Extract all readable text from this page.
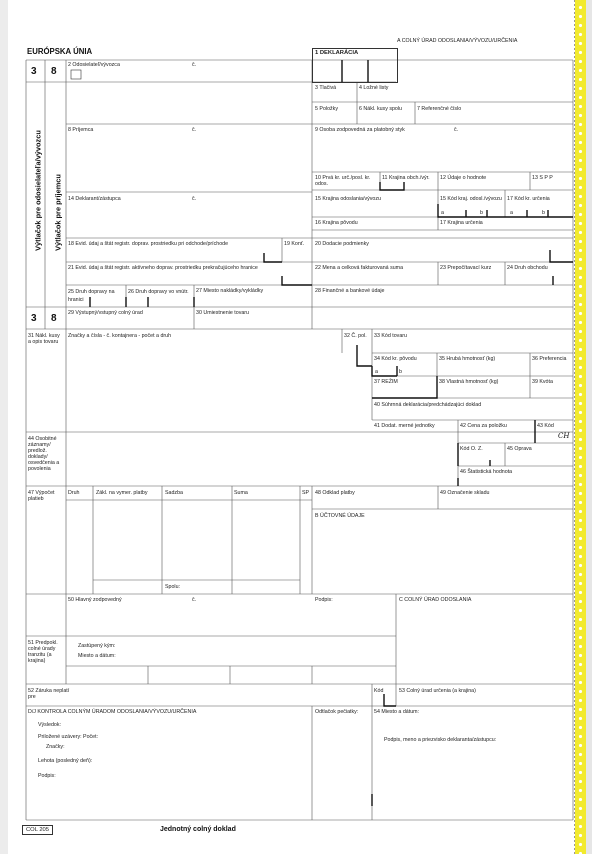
A COLNÝ ÚRAD ODOSLANIA/VÝVOZU/URČENIA
EURÓPSKA ÚNIA	1 DEKLARÁCIA
3 8
Výtlačok pre odosielateľa/vývozcu Výtlačok pre príjemcu
3 8
2 Odosielateľ/vývozca	č.
3 Tlačivá	4 Ložné listy
5 Položky	6 Nákl. kusy spolu	7 Referenčné číslo
8 Príjemca	č.	9 Osoba zodpovedná za platobný styk	č.
10 Prvá kr. urč./posl. kr. odos.
11 Krajina obch./výr. 12 Údaje o hodnote	13 S P P
14 Deklarant/zástupca	č.	15 Krajina odoslania/vývozu	15 Kód kraj. odosl./vývozu 17 Kód kr. určenia
a	b	a	b
16 Krajina pôvodu	17 Krajina určenia
18 Evid. údaj a štát registr. doprav. prostriedku pri odchode/príchode	19 Konť. 20 Dodacie podmienky
21 Evid. údaj a štát registr. aktívneho doprav. prostriedku prekračujúceho hranice	22 Mena a celková fakturovaná suma	23 Prepočítavací kurz	24 Druh obchodu
25 Druh dopravy na hranici
26 Druh dopravy vo vnútr.	27 Miesto nakládky/vykládky	28 Finančné a bankové údaje
29 Výstupný/vstupný colný úrad	30 Umiestnenie tovaru
31 Nákl. kusy a opis tovaru
Značky a čísla - č. kontajnera - počet a druh	32 Č. pol. 33 Kód tovaru
34 Kód kr. pôvodu
a	b
35 Hrubá hmotnosť (kg)	36 Preferencia
37 REŽIM	38 Vlastná hmotnosť (kg)	39 Kvóta
40 Súhrnná deklarácia/predchádzajúci doklad
41 Dodat. merné jednotky	42 Cena za položku	43 Kód
CH
44 Osobitné záznamy/ predlož. doklady/ osvedčenia a povolenia
Kód O. Z.	45 Oprava
46 Štatistická hodnota
47 Výpočet platieb
Druh	Zákl. na vymer. platby	Sadzba	Suma	SP
Spolu:
48 Odklad platby	49 Označenie skladu
B ÚČTOVNÉ ÚDAJE
50 Hlavný zodpovedný	č.	Podpis:	C COLNÝ ÚRAD ODOSLANIA
51 Predpokl. colné úrady tranzitu (a krajina)
Zastúpený kým:
Miesto a dátum:
52 Záruka neplatí pre
Kód	53 Colný úrad určenia (a krajina)
D/J KONTROLA COLNÝM ÚRADOM ODOSLANIA/VÝVOZU/URČENIA
Výsledok:
Priložené uzávery: Počet:
Značky:
Lehota (posledný deň):
Podpis:
Odtlačok pečiatky:	54 Miesto a dátum:
Podpis, meno a priezvisko deklaranta/zástupcu:
COL 205	Jednotný colný doklad
